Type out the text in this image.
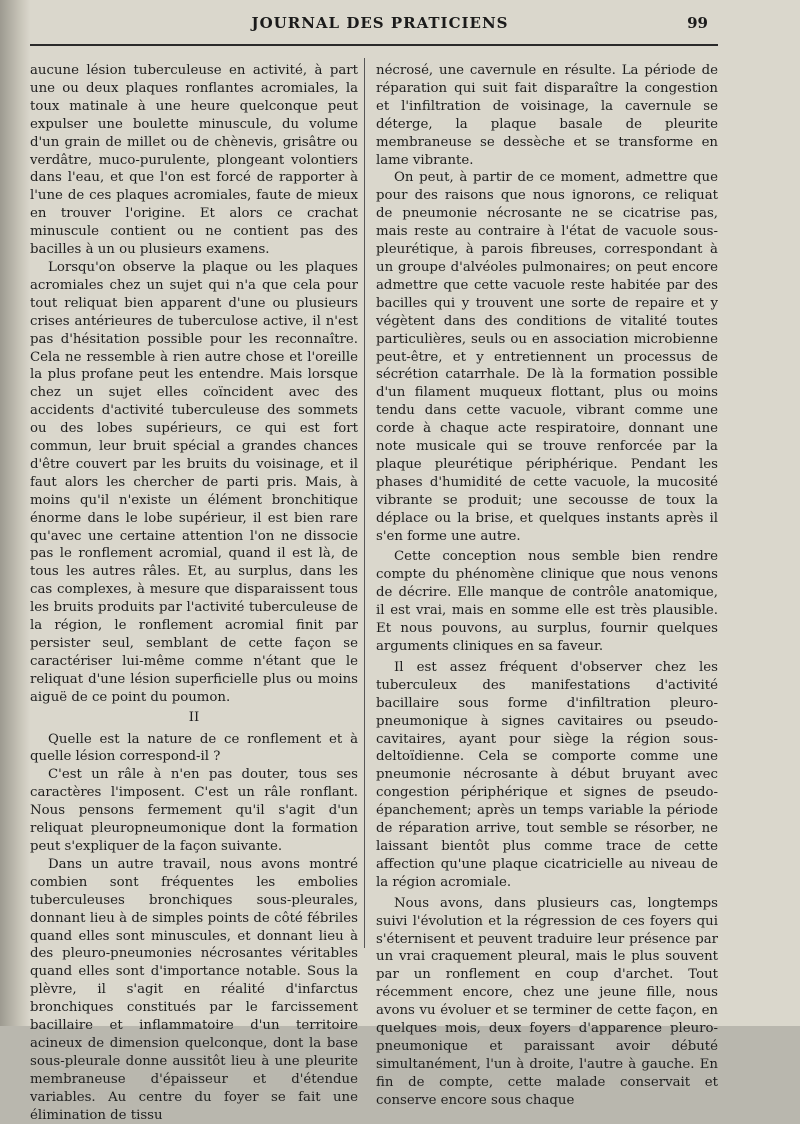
JOURNAL DES PRATICIENS	99

aucune lésion tuberculeuse en activité, à part une ou deux plaques ronflantes acromiales, la toux matinale à une heure quelconque peut expulser une boulette minuscule, du volume d'un grain de millet ou de chènevis, grisâtre ou verdâtre, muco-purulente, plongeant volontiers dans l'eau, et que l'on est forcé de rapporter à l'une de ces plaques acromiales, faute de mieux en trouver l'origine. Et alors ce crachat minuscule contient ou ne contient pas des bacilles à un ou plusieurs examens.

Lorsqu'on observe la plaque ou les plaques acromiales chez un sujet qui n'a que cela pour tout reliquat bien apparent d'une ou plusieurs crises antérieures de tuberculose active, il n'est pas d'hésitation possible pour les reconnaître. Cela ne ressemble à rien autre chose et l'oreille la plus profane peut les entendre. Mais lorsque chez un sujet elles coïncident avec des accidents d'activité tuberculeuse des sommets ou des lobes supérieurs, ce qui est fort commun, leur bruit spécial a grandes chances d'être couvert par les bruits du voisinage, et il faut alors les chercher de parti pris. Mais, à moins qu'il n'existe un élément bronchitique énorme dans le lobe supérieur, il est bien rare qu'avec une certaine attention l'on ne dissocie pas le ronflement acromial, quand il est là, de tous les autres râles. Et, au surplus, dans les cas complexes, à mesure que disparaissent tous les bruits produits par l'activité tuberculeuse de la région, le ronflement acromial finit par persister seul, semblant de cette façon se caractériser lui-même comme n'étant que le reliquat d'une lésion superficielle plus ou moins aiguë de ce point du poumon.

II

Quelle est la nature de ce ronflement et à quelle lésion correspond-il ?

C'est un râle à n'en pas douter, tous ses caractères l'imposent. C'est un râle ronflant. Nous pensons fermement qu'il s'agit d'un reliquat pleuropneumonique dont la formation peut s'expliquer de la façon suivante.

Dans un autre travail, nous avons montré combien sont fréquentes les embolies tuberculeuses bronchiques sous-pleurales, donnant lieu à de simples points de côté fébriles quand elles sont minuscules, et donnant lieu à des pleuro-pneumonies nécrosantes véritables quand elles sont d'importance notable. Sous la plèvre, il s'agit en réalité d'infarctus bronchiques constitués par le farcissement bacillaire et inflammatoire d'un territoire acineux de dimension quelconque, dont la base sous-pleurale donne aussitôt lieu à une pleurite membraneuse d'épaisseur et d'étendue variables. Au centre du foyer se fait une élimination de tissu

nécrosé, une cavernule en résulte. La période de réparation qui suit fait disparaître la congestion et l'infiltration de voisinage, la cavernule se déterge, la plaque basale de pleurite membraneuse se dessèche et se transforme en lame vibrante.

On peut, à partir de ce moment, admettre que pour des raisons que nous ignorons, ce reliquat de pneumonie nécrosante ne se cicatrise pas, mais reste au contraire à l'état de vacuole sous-pleurétique, à parois fibreuses, correspondant à un groupe d'alvéoles pulmonaires; on peut encore admettre que cette vacuole reste habitée par des bacilles qui y trouvent une sorte de repaire et y végètent dans des conditions de vitalité toutes particulières, seuls ou en association microbienne peut-être, et y entretiennent un processus de sécrétion catarrhale. De là la formation possible d'un filament muqueux flottant, plus ou moins tendu dans cette vacuole, vibrant comme une corde à chaque acte respiratoire, donnant une note musicale qui se trouve renforcée par la plaque pleurétique périphérique. Pendant les phases d'humidité de cette vacuole, la mucosité vibrante se produit; une secousse de toux la déplace ou la brise, et quelques instants après il s'en forme une autre.

Cette conception nous semble bien rendre compte du phénomène clinique que nous venons de décrire. Elle manque de contrôle anatomique, il est vrai, mais en somme elle est très plausible. Et nous pouvons, au surplus, fournir quelques arguments cliniques en sa faveur.

Il est assez fréquent d'observer chez les tuberculeux des manifestations d'activité bacillaire sous forme d'infiltration pleuro-pneumonique à signes cavitaires ou pseudo-cavitaires, ayant pour siège la région sous-deltoïdienne. Cela se comporte comme une pneumonie nécrosante à début bruyant avec congestion périphérique et signes de pseudo-épanchement; après un temps variable la période de réparation arrive, tout semble se résorber, ne laissant bientôt plus comme trace de cette affection qu'une plaque cicatricielle au niveau de la région acromiale.

Nous avons, dans plusieurs cas, longtemps suivi l'évolution et la régression de ces foyers qui s'éternisent et peuvent traduire leur présence par un vrai craquement pleural, mais le plus souvent par un ronflement en coup d'archet. Tout récemment encore, chez une jeune fille, nous avons vu évoluer et se terminer de cette façon, en quelques mois, deux foyers d'apparence pleuro-pneumonique et paraissant avoir débuté simultanément, l'un à droite, l'autre à gauche. En fin de compte, cette malade conservait et conserve encore sous chaque
